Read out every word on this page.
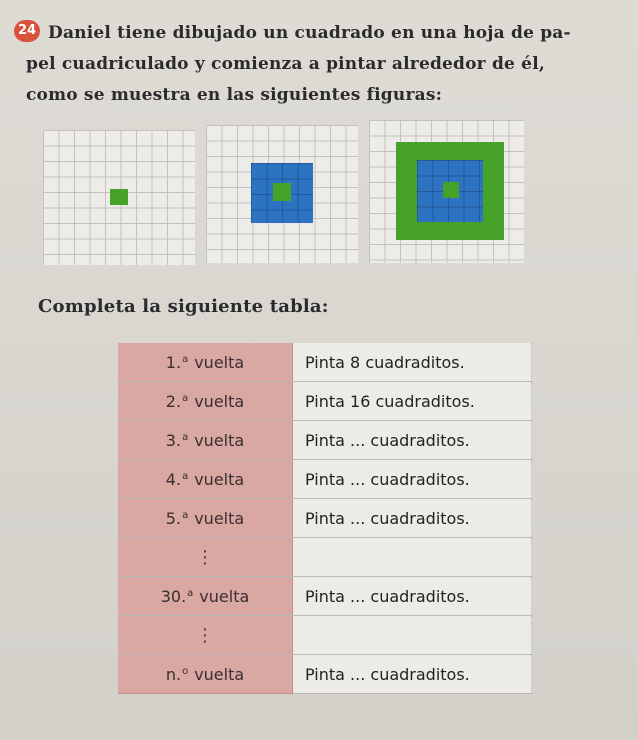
24 Daniel tiene dibujado un cuadrado en una hoja de pa-
pel cuadriculado y comienza a pintar alrededor de él,
como se muestra en las siguientes figuras:
Completa la siguiente tabla:
1.$^a$ vuelta	Pinta 8 cuadraditos.
2.$^a$ vuelta	Pinta 16 cuadraditos.
3.$^a$ vuelta	Pinta ... cuadraditos.
4.$^a$ vuelta	Pinta ... cuadraditos.
5.$^a$ vuelta	Pinta ... cuadraditos.
⋮	
30.$^a$ vuelta	Pinta ... cuadraditos.
⋮	
n.$^o$ vuelta	Pinta ... cuadraditos.
